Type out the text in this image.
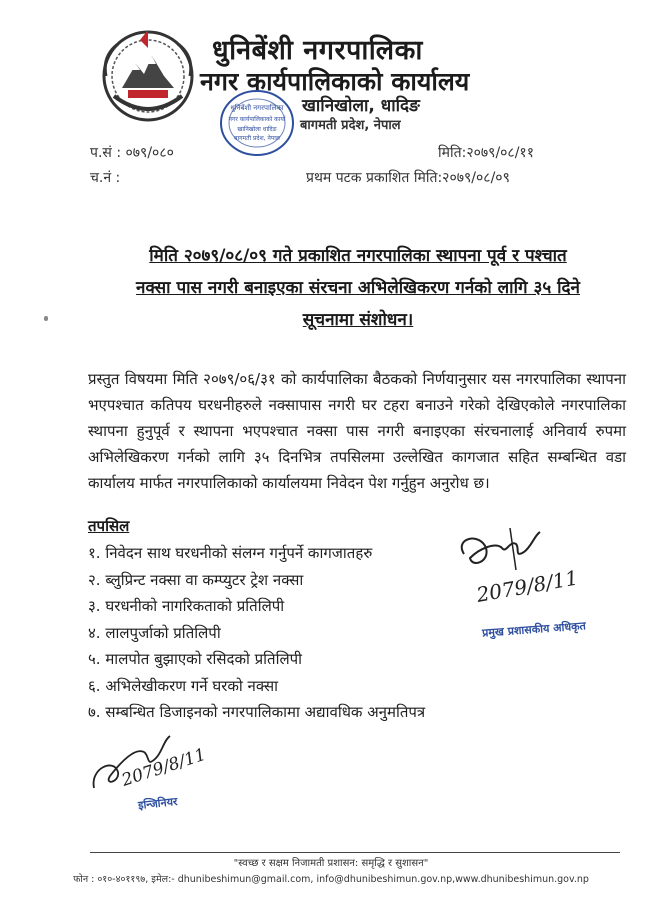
धुनिबेंशी नगरपालिका
नगर कार्यपालिकाको कार्यालय
खानिखोला, धादिङ
बागमती प्रदेश, नेपाल
धुनिबेंशी नगरपालिका
नगर कार्यपालिकाको कार्या
खानिखोला धादिङ
बागमती प्रदेश, नेपाल
प.सं : ०७९/०८०
च.नं :
मिति:२०७९/०८/११
प्रथम पटक प्रकाशित मिति:२०७९/०८/०९
मिति २०७९/०८/०९ गते प्रकाशित नगरपालिका स्थापना पूर्व र पश्चात
नक्सा पास नगरी बनाइएका संरचना अभिलेखिकरण गर्नको लागि ३५ दिने
सूचनामा संशोधन।
प्रस्तुत विषयमा मिति २०७९/०६/३१ को कार्यपालिका बैठकको निर्णयानुसार यस नगरपालिका स्थापना भएपश्चात कतिपय घरधनीहरुले नक्सापास नगरी घर टहरा बनाउने गरेको देखिएकोले नगरपालिका स्थापना हुनुपूर्व र स्थापना भएपश्चात नक्सा पास नगरी बनाइएका संरचनालाई अनिवार्य रुपमा अभिलेखिकरण गर्नको लागि ३५ दिनभित्र तपसिलमा उल्लेखित कागजात सहित सम्बन्धित वडा कार्यालय मार्फत नगरपालिकाको कार्यालयमा निवेदन पेश गर्नुहुन अनुरोध छ।
तपसिल
१. निवेदन साथ घरधनीको संलग्न गर्नुपर्ने कागजातहरु
२. ब्लुप्रिन्ट नक्सा वा कम्प्युटर ट्रेश नक्सा
३. घरधनीको नागरिकताको प्रतिलिपी
४. लालपुर्जाको प्रतिलिपी
५. मालपोत बुझाएको रसिदको प्रतिलिपी
६. अभिलेखीकरण गर्ने घरको नक्सा
७. सम्बन्धित डिजाइनको नगरपालिकामा अद्यावधिक अनुमतिपत्र
2079/8/11
प्रमुख प्रशासकीय अधिकृत
2079/8/11
इन्जिनियर
"स्वच्छ र सक्षम निजामती प्रशासन: समृद्धि र सुशासन"
फोन : ०१०-४०११९७, इमेल:- dhunibeshimun@gmail.com, info@dhunibeshimun.gov.np,www.dhunibeshimun.gov.np
